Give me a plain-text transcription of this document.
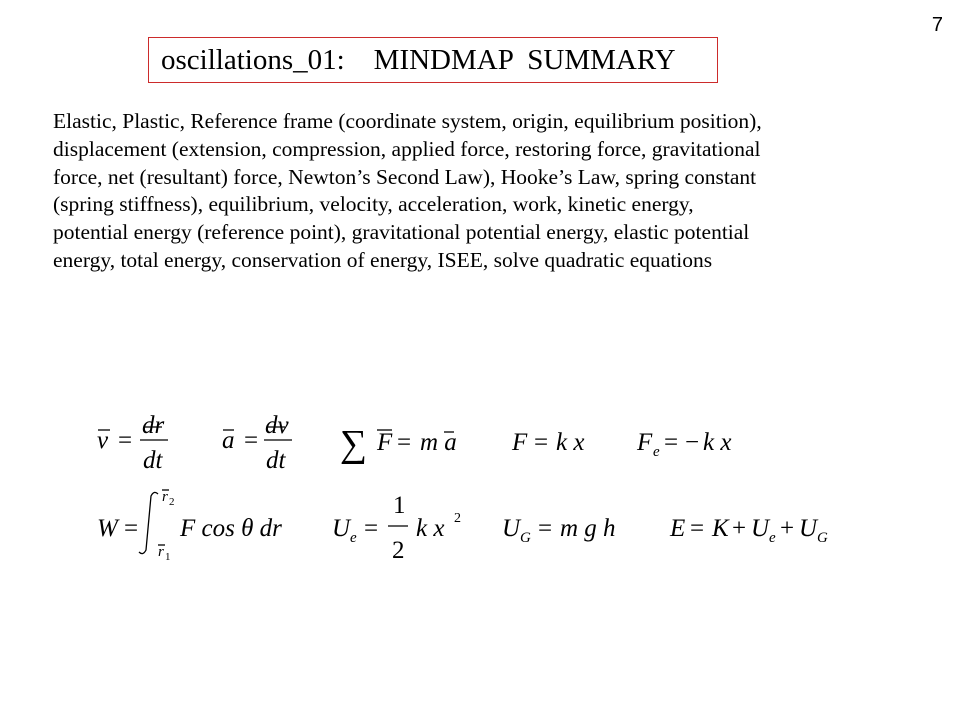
7
oscillations_01:    MINDMAP  SUMMARY

Elastic, Plastic, Reference frame (coordinate system, origin, equilibrium position),
displacement (extension, compression, applied force, restoring force, gravitational
force, net (resultant) force, Newton’s Second Law), Hooke’s Law, spring constant
(spring stiffness), equilibrium, velocity, acceleration, work, kinetic energy,
potential energy (reference point), gravitational potential energy, elastic potential
energy, total energy, conservation of energy, ISEE, solve quadratic equations

v =
dr
dt
a =
dv
dt ∑ F = m a F = k x F e = − k x
W =
r 2
r 1
F cos θ dr U e =
1
2
k x 2 U G = m g h E = K + U e + U G
